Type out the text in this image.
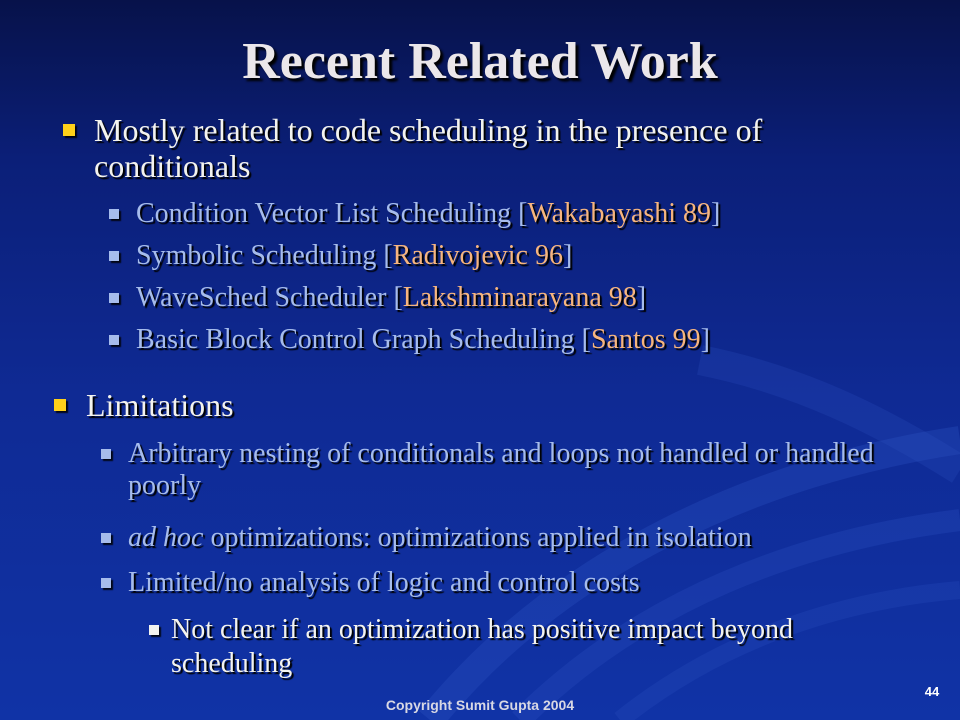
Recent Related Work
Mostly related to code scheduling in the presence of conditionals
Condition Vector List Scheduling [Wakabayashi 89]
Symbolic Scheduling [Radivojevic 96]
WaveSched Scheduler [Lakshminarayana 98]
Basic Block Control Graph Scheduling [Santos 99]
Limitations
Arbitrary nesting of conditionals and loops not handled or handled poorly
ad hoc optimizations: optimizations applied in isolation
Limited/no analysis of logic and control costs
Not clear if an optimization has positive impact beyond scheduling
Copyright Sumit Gupta 2004
44
